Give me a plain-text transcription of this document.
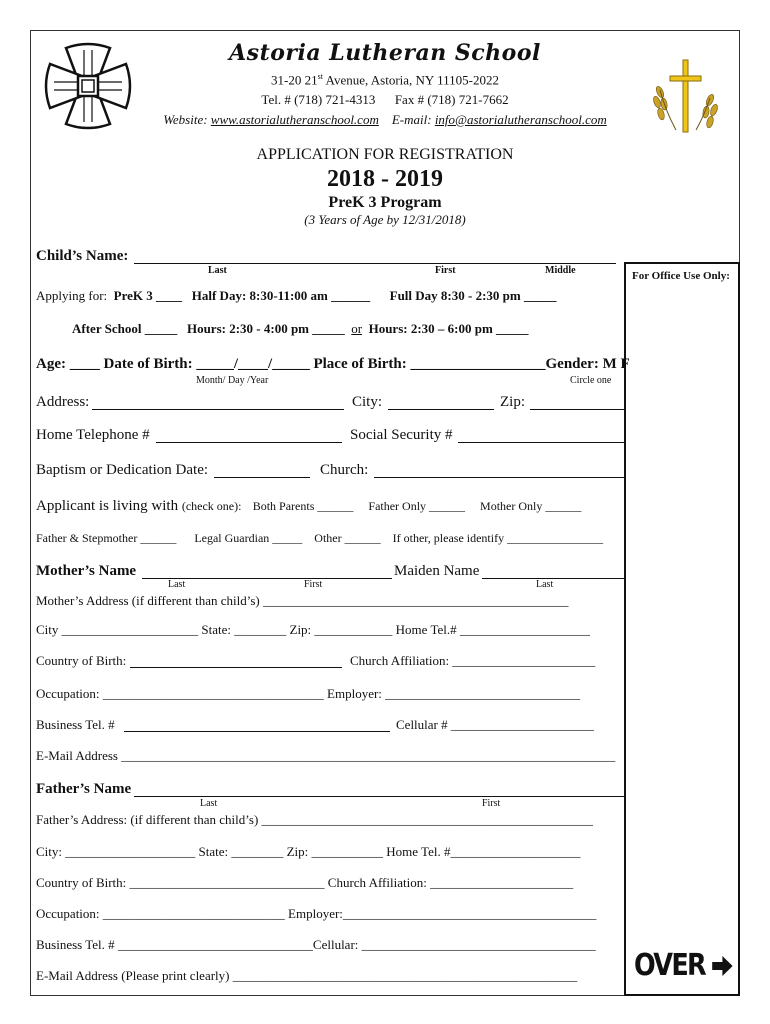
Astoria Lutheran School
31-20 21st Avenue, Astoria, NY 11105-2022
Tel. # (718) 721-4313 Fax # (718) 721-7662
Website: www.astorialutheranschool.com E-mail: info@astorialutheranschool.com
APPLICATION FOR REGISTRATION
2018 - 2019
PreK 3 Program
(3 Years of Age by 12/31/2018)
For Office Use Only:
Child’s Name:
Last	First	Middle
Applying for: PreK 3 ____ Half Day: 8:30-11:00 am ______ Full Day 8:30 - 2:30 pm _____
After School _____ Hours: 2:30 - 4:00 pm _____ or Hours: 2:30 – 6:00 pm _____
Age: ____ Date of Birth: _____/____/_____ Place of Birth: __________________Gender: M F
Month/ Day /Year	Circle one
Address:	City:	Zip:
Home Telephone #	Social Security #
Baptism or Dedication Date:	Church:
Applicant is living with (check one): Both Parents ______ Father Only ______ Mother Only ______
Father & Stepmother ______ Legal Guardian _____ Other ______ If other, please identify ________________
Mother’s Name	Maiden Name
Last	First	Last
Mother’s Address (if different than child’s) _______________________________________________
City _____________________ State: ________ Zip: ____________ Home Tel.# ____________________
Country of Birth:	Church Affiliation: ______________________
Occupation: __________________________________ Employer: ______________________________
Business Tel. #	Cellular # ______________________
E-Mail Address ____________________________________________________________________________
Father’s Name
Last	First
Father’s Address: (if different than child’s) ___________________________________________________
City: ____________________ State: ________ Zip: ___________ Home Tel. #____________________
Country of Birth: ______________________________ Church Affiliation: ______________________
Occupation: ____________________________ Employer:_______________________________________
Business Tel. # ______________________________Cellular: ____________________________________
E-Mail Address (Please print clearly) _____________________________________________________ OVER
